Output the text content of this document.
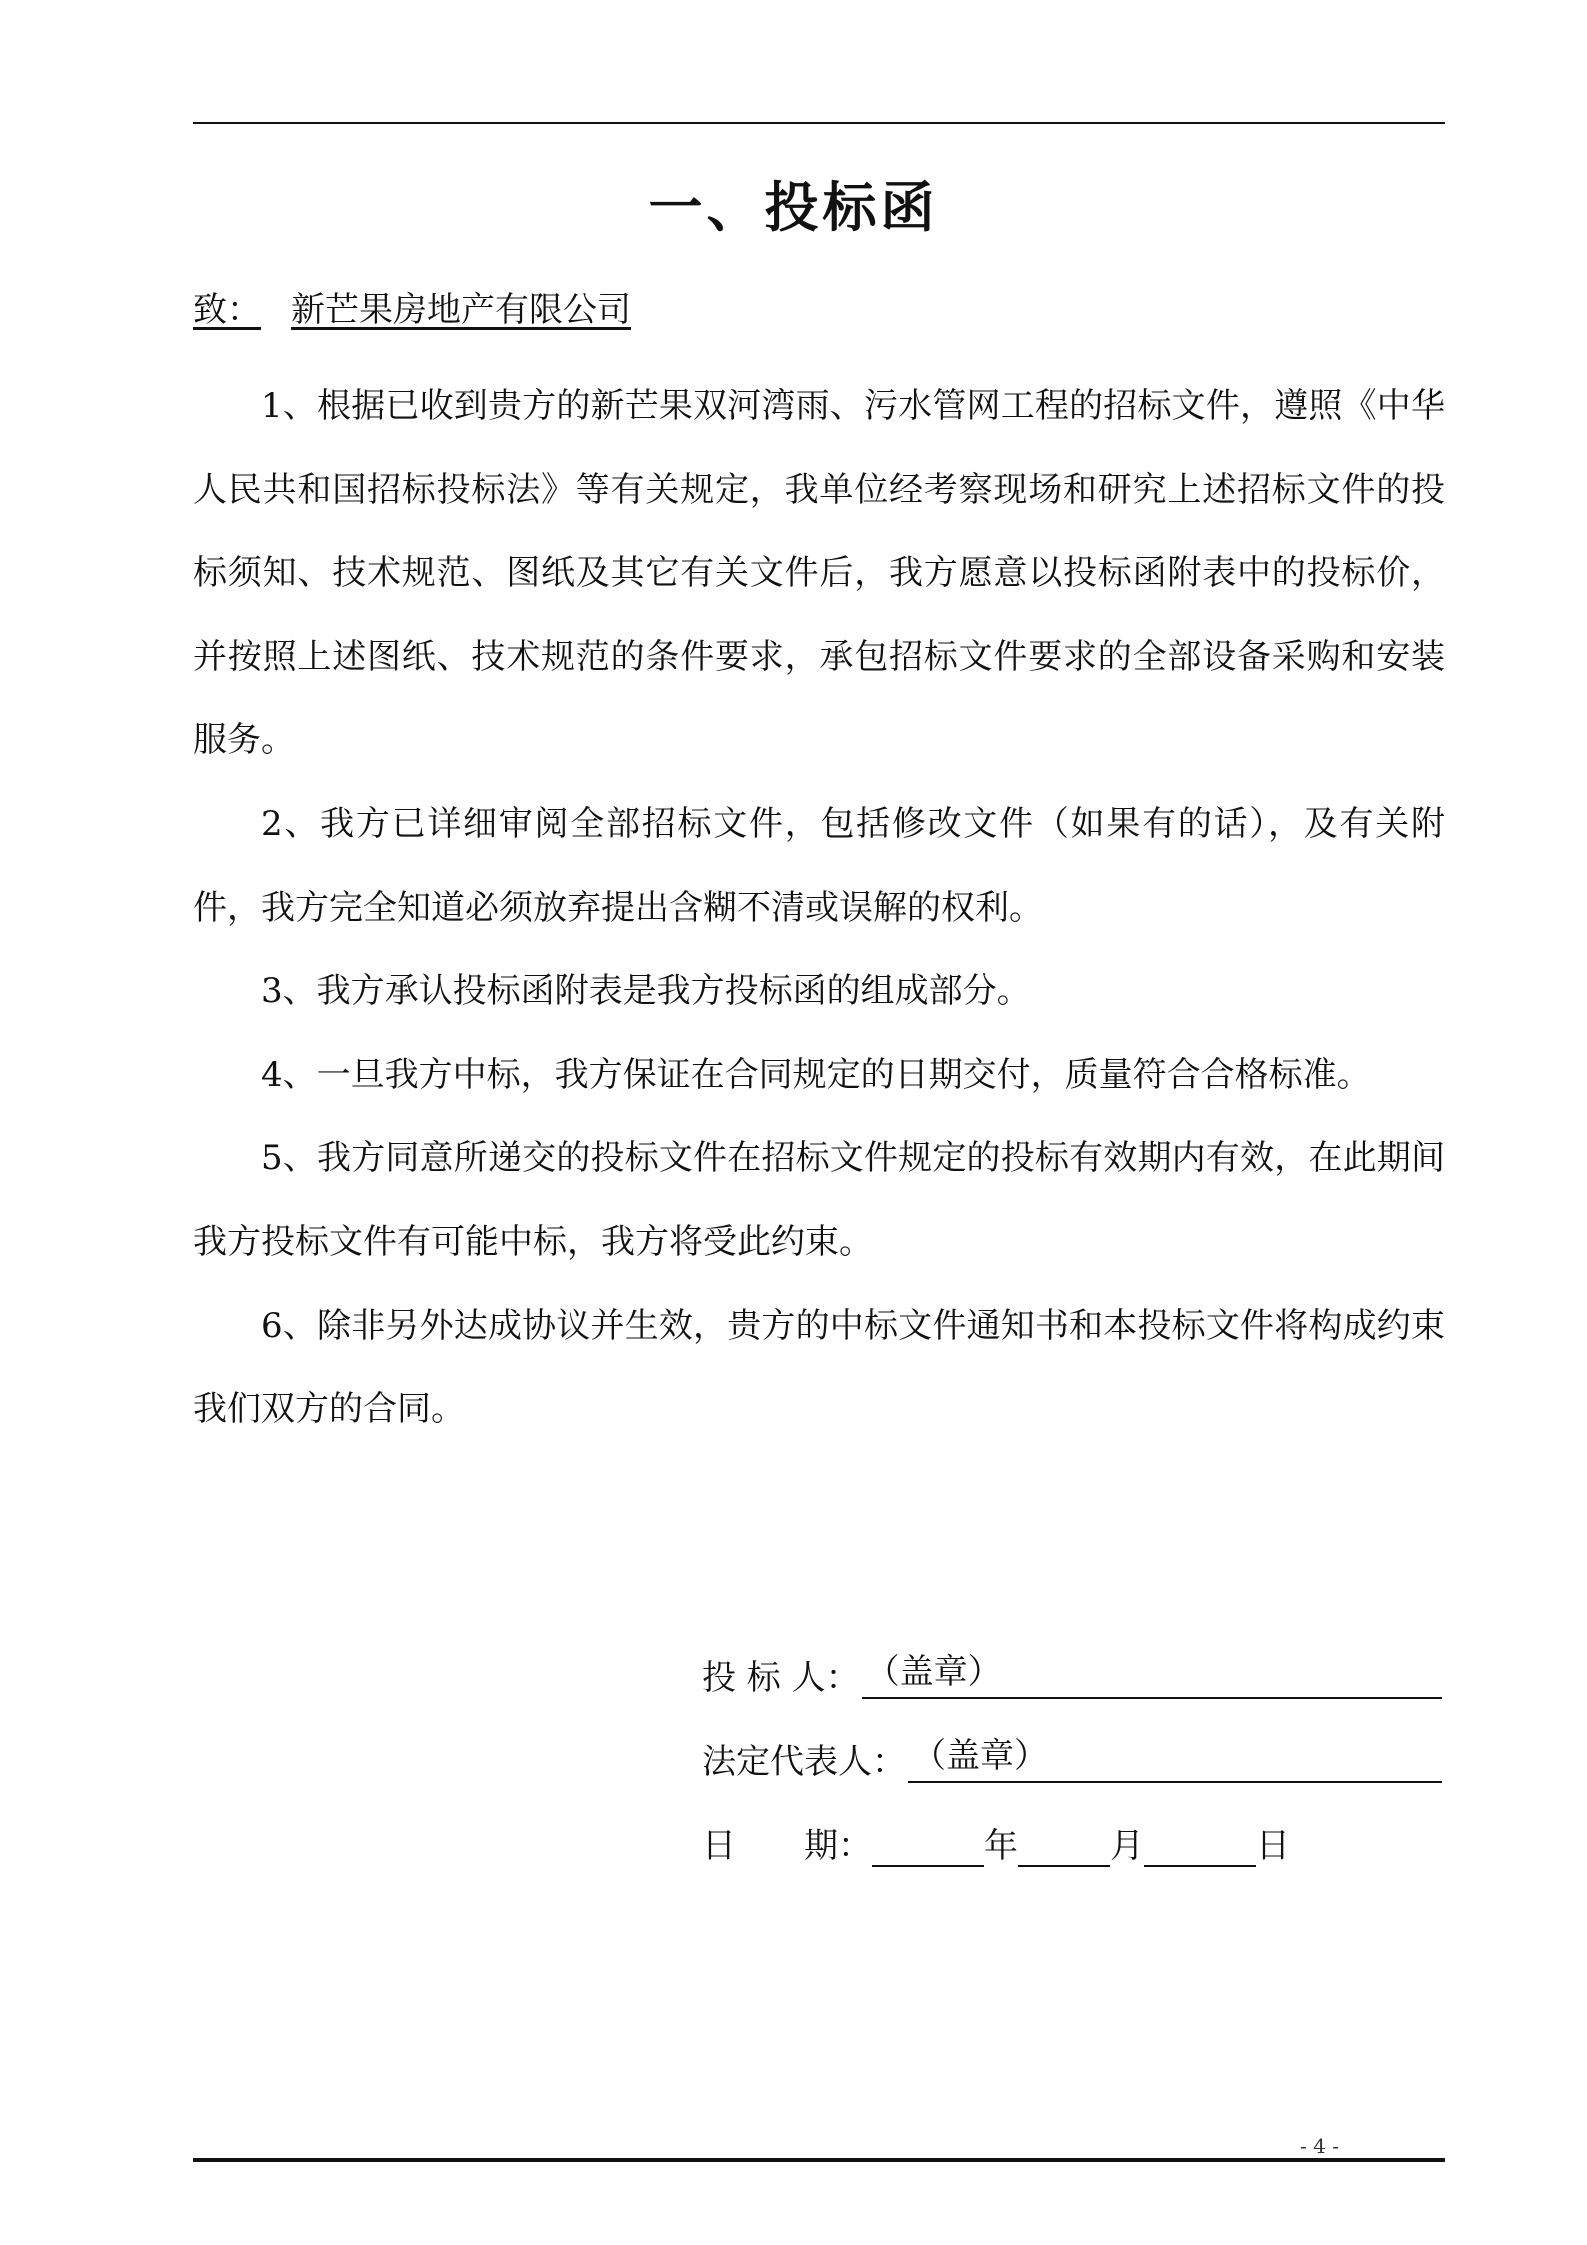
一、投标函
致： 新芒果房地产有限公司

1、根据已收到贵方的新芒果双河湾雨、污水管网工程的招标文件，遵照《中华人民共和国招标投标法》等有关规定，我单位经考察现场和研究上述招标文件的投标须知、技术规范、图纸及其它有关文件后，我方愿意以投标函附表中的投标价，并按照上述图纸、技术规范的条件要求，承包招标文件要求的全部设备采购和安装服务。

2、我方已详细审阅全部招标文件，包括修改文件（如果有的话），及有关附件，我方完全知道必须放弃提出含糊不清或误解的权利。

3、我方承认投标函附表是我方投标函的组成部分。

4、一旦我方中标，我方保证在合同规定的日期交付，质量符合合格标准。

5、我方同意所递交的投标文件在招标文件规定的投标有效期内有效，在此期间我方投标文件有可能中标，我方将受此约束。

6、除非另外达成协议并生效，贵方的中标文件通知书和本投标文件将构成约束我们双方的合同。

投 标 人： （盖章）
法定代表人： （盖章）
日　　期：	年	月	日
- 4 -
